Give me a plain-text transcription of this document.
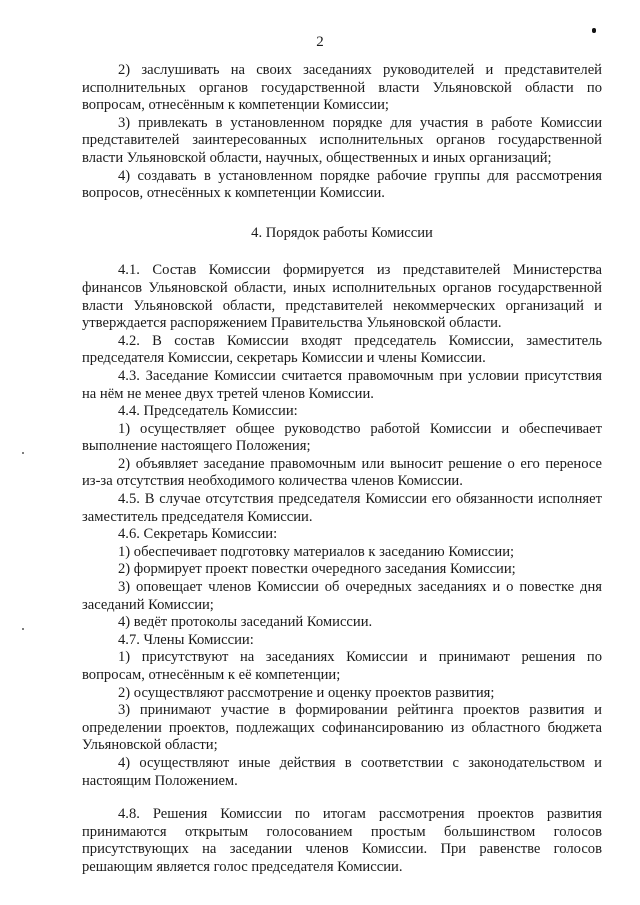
2

2) заслушивать на своих заседаниях руководителей и представителей исполнительных органов государственной власти Ульяновской области по вопросам, отнесённым к компетенции Комиссии;

3) привлекать в установленном порядке для участия в работе Комиссии представителей заинтересованных исполнительных органов государственной власти Ульяновской области, научных, общественных и иных организаций;

4) создавать в установленном порядке рабочие группы для рассмотрения вопросов, отнесённых к компетенции Комиссии.

4. Порядок работы Комиссии

4.1. Состав Комиссии формируется из представителей Министерства финансов Ульяновской области, иных исполнительных органов государственной власти Ульяновской области, представителей некоммерческих организаций и утверждается распоряжением Правительства Ульяновской области.

4.2. В состав Комиссии входят председатель Комиссии, заместитель председателя Комиссии, секретарь Комиссии и члены Комиссии.

4.3. Заседание Комиссии считается правомочным при условии присутствия на нём не менее двух третей членов Комиссии.

4.4. Председатель Комиссии:

1) осуществляет общее руководство работой Комиссии и обеспечивает выполнение настоящего Положения;

2) объявляет заседание правомочным или выносит решение о его переносе из-за отсутствия необходимого количества членов Комиссии.

4.5. В случае отсутствия председателя Комиссии его обязанности исполняет заместитель председателя Комиссии.

4.6. Секретарь Комиссии:

1) обеспечивает подготовку материалов к заседанию Комиссии;

2) формирует проект повестки очередного заседания Комиссии;

3) оповещает членов Комиссии об очередных заседаниях и о повестке дня заседаний Комиссии;

4) ведёт протоколы заседаний Комиссии.

4.7. Члены Комиссии:

1) присутствуют на заседаниях Комиссии и принимают решения по вопросам, отнесённым к её компетенции;

2) осуществляют рассмотрение и оценку проектов развития;

3) принимают участие в формировании рейтинга проектов развития и определении проектов, подлежащих софинансированию из областного бюджета Ульяновской области;

4) осуществляют иные действия в соответствии с законодательством и настоящим Положением.

4.8. Решения Комиссии по итогам рассмотрения проектов развития принимаются открытым голосованием простым большинством голосов присутствующих на заседании членов Комиссии. При равенстве голосов решающим является голос председателя Комиссии.
